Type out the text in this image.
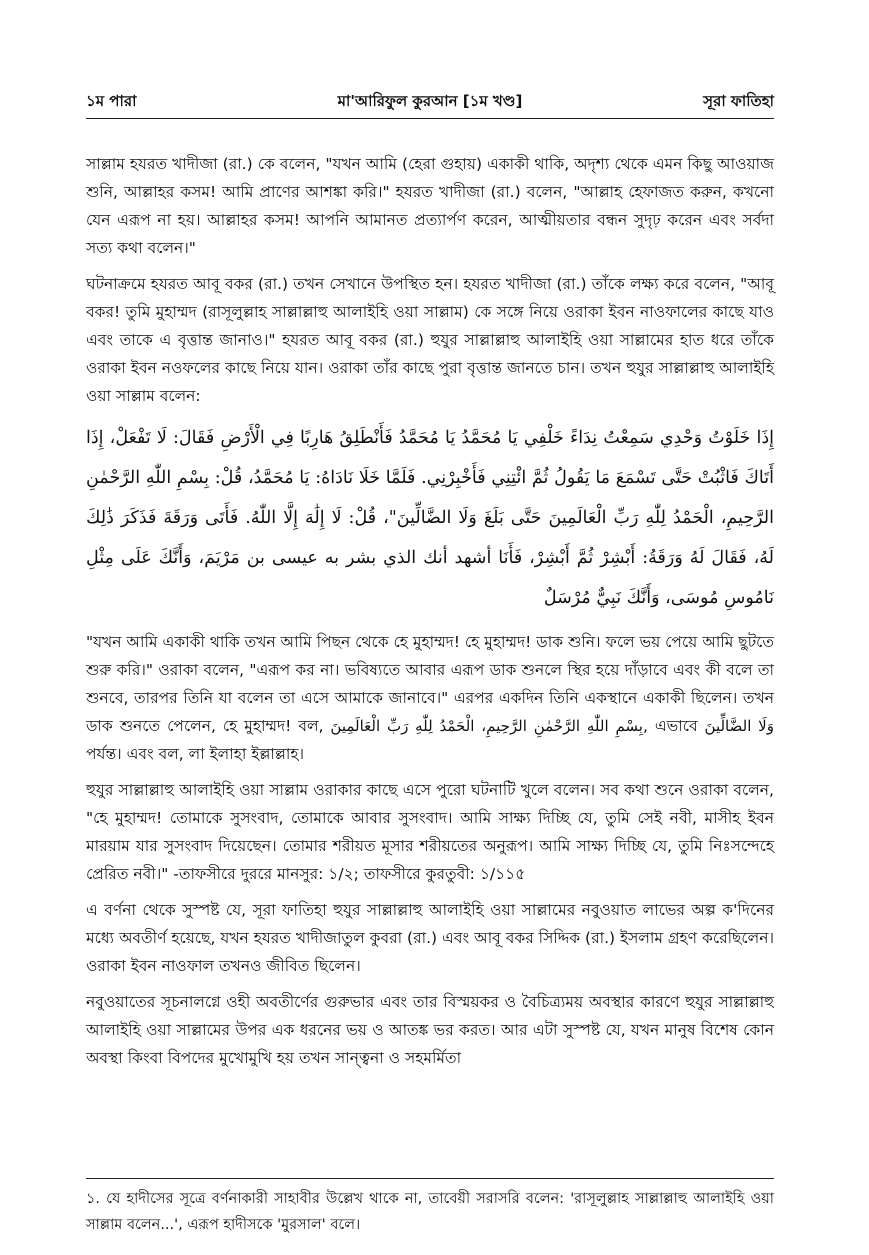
মা'আরিফুল কুরআন [১ম খণ্ড]
১ম পারা	সূরা ফাতিহা

সাল্লাম হযরত খাদীজা (রা.) কে বলেন, "যখন আমি (হেরা গুহায়) একাকী থাকি, অদৃশ্য থেকে এমন কিছু আওয়াজ শুনি, আল্লাহর কসম! আমি প্রাণের আশঙ্কা করি।" হযরত খাদীজা (রা.) বলেন, "আল্লাহ হেফাজত করুন, কখনো যেন এরূপ না হয়। আল্লাহর কসম! আপনি আমানত প্রত্যার্পণ করেন, আত্মীয়তার বন্ধন সুদৃঢ় করেন এবং সর্বদা সত্য কথা বলেন।"

ঘটনাক্রমে হযরত আবূ বকর (রা.) তখন সেখানে উপস্থিত হন। হযরত খাদীজা (রা.) তাঁকে লক্ষ্য করে বলেন, "আবূ বকর! তুমি মুহাম্মদ (রাসূলুল্লাহ সাল্লাল্লাহু আলাইহি ওয়া সাল্লাম) কে সঙ্গে নিয়ে ওরাকা ইবন নাওফালের কাছে যাও এবং তাকে এ বৃত্তান্ত জানাও।" হযরত আবূ বকর (রা.) হুযুর সাল্লাল্লাহু আলাইহি ওয়া সাল্লামের হাত ধরে তাঁকে ওরাকা ইবন নওফলের কাছে নিয়ে যান। ওরাকা তাঁর কাছে পুরা বৃত্তান্ত জানতে চান। তখন হুযুর সাল্লাল্লাহু আলাইহি ওয়া সাল্লাম বলেন:

إِذَا خَلَوْتُ وَحْدِي سَمِعْتُ نِدَاءً خَلْفِي يَا مُحَمَّدُ يَا مُحَمَّدُ فَأَنْطَلِقُ هَارِبًا فِي الْأَرْضِ فَقَالَ: لَا تَفْعَلْ، إِذَا أَتَاكَ فَاثْبُتْ حَتَّى تَسْمَعَ مَا يَقُولُ ثُمَّ ائْتِنِي فَأَخْبِرْنِي. فَلَمَّا خَلَا نَادَاهُ: يَا مُحَمَّدُ، قُلْ: بِسْمِ اللّٰهِ الرَّحْمٰنِ الرَّحِيمِ، الْحَمْدُ لِلّٰهِ رَبِّ الْعَالَمِينَ حَتَّى بَلَغَ وَلَا الضَّالِّينَ"، قُلْ: لَا إِلَٰهَ إِلَّا اللّٰهُ. فَأَتَى وَرَقَةَ فَذَكَرَ ذَٰلِكَ لَهُ، فَقَالَ لَهُ وَرَقَةُ: أَبْشِرْ ثُمَّ أَبْشِرْ، فَأَنَا أشهد أنك الذي بشر به عيسى بن مَرْيَمَ، وَأَنَّكَ عَلَى مِثْلِ نَامُوسِ مُوسَى، وَأَنَّكَ نَبِيٌّ مُرْسَلٌ

"যখন আমি একাকী থাকি তখন আমি পিছন থেকে হে মুহাম্মদ! হে মুহাম্মদ! ডাক শুনি। ফলে ভয় পেয়ে আমি ছুটতে শুরু করি।" ওরাকা বলেন, "এরূপ কর না। ভবিষ্যতে আবার এরূপ ডাক শুনলে স্থির হয়ে দাঁড়াবে এবং কী বলে তা শুনবে, তারপর তিনি যা বলেন তা এসে আমাকে জানাবে।" এরপর একদিন তিনি একস্থানে একাকী ছিলেন। তখন ডাক শুনতে পেলেন, হে মুহাম্মদ! বল, بِسْمِ اللّٰهِ الرَّحْمٰنِ الرَّحِيمِ، الْحَمْدُ لِلّٰهِ رَبِّ الْعَالَمِينَ, এভাবে وَلَا الضَّالِّينَ পর্যন্ত। এবং বল, লা ইলাহা ইল্লাল্লাহ।

হুযুর সাল্লাল্লাহু আলাইহি ওয়া সাল্লাম ওরাকার কাছে এসে পুরো ঘটনাটি খুলে বলেন। সব কথা শুনে ওরাকা বলেন, "হে মুহাম্মদ! তোমাকে সুসংবাদ, তোমাকে আবার সুসংবাদ। আমি সাক্ষ্য দিচ্ছি যে, তুমি সেই নবী, মাসীহ ইবন মারয়াম যার সুসংবাদ দিয়েছেন। তোমার শরীয়ত মূসার শরীয়তের অনুরূপ। আমি সাক্ষ্য দিচ্ছি যে, তুমি নিঃসন্দেহে প্রেরিত নবী।" -তাফসীরে দুররে মানসুর: ১/২; তাফসীরে কুরতুবী: ১/১১৫

এ বর্ণনা থেকে সুস্পষ্ট যে, সূরা ফাতিহা হুযুর সাল্লাল্লাহু আলাইহি ওয়া সাল্লামের নবুওয়াত লাভের অল্প ক'দিনের মধ্যে অবতীর্ণ হয়েছে, যখন হযরত খাদীজাতুল কুবরা (রা.) এবং আবূ বকর সিদ্দিক (রা.) ইসলাম গ্রহণ করেছিলেন। ওরাকা ইবন নাওফাল তখনও জীবিত ছিলেন।

নবুওয়াতের সূচনালগ্নে ওহী অবতীর্ণের গুরুভার এবং তার বিস্ময়কর ও বৈচিত্র্যময় অবস্থার কারণে হুযুর সাল্লাল্লাহু আলাইহি ওয়া সাল্লামের উপর এক ধরনের ভয় ও আতঙ্ক ভর করত। আর এটা সুস্পষ্ট যে, যখন মানুষ বিশেষ কোন অবস্থা কিংবা বিপদের মুখোমুখি হয় তখন সান্ত্বনা ও সহমর্মিতা

১. যে হাদীসের সূত্রে বর্ণনাকারী সাহাবীর উল্লেখ থাকে না, তাবেয়ী সরাসরি বলেন: 'রাসূলুল্লাহ সাল্লাল্লাহু আলাইহি ওয়া সাল্লাম বলেন...', এরূপ হাদীসকে 'মুরসাল' বলে।
